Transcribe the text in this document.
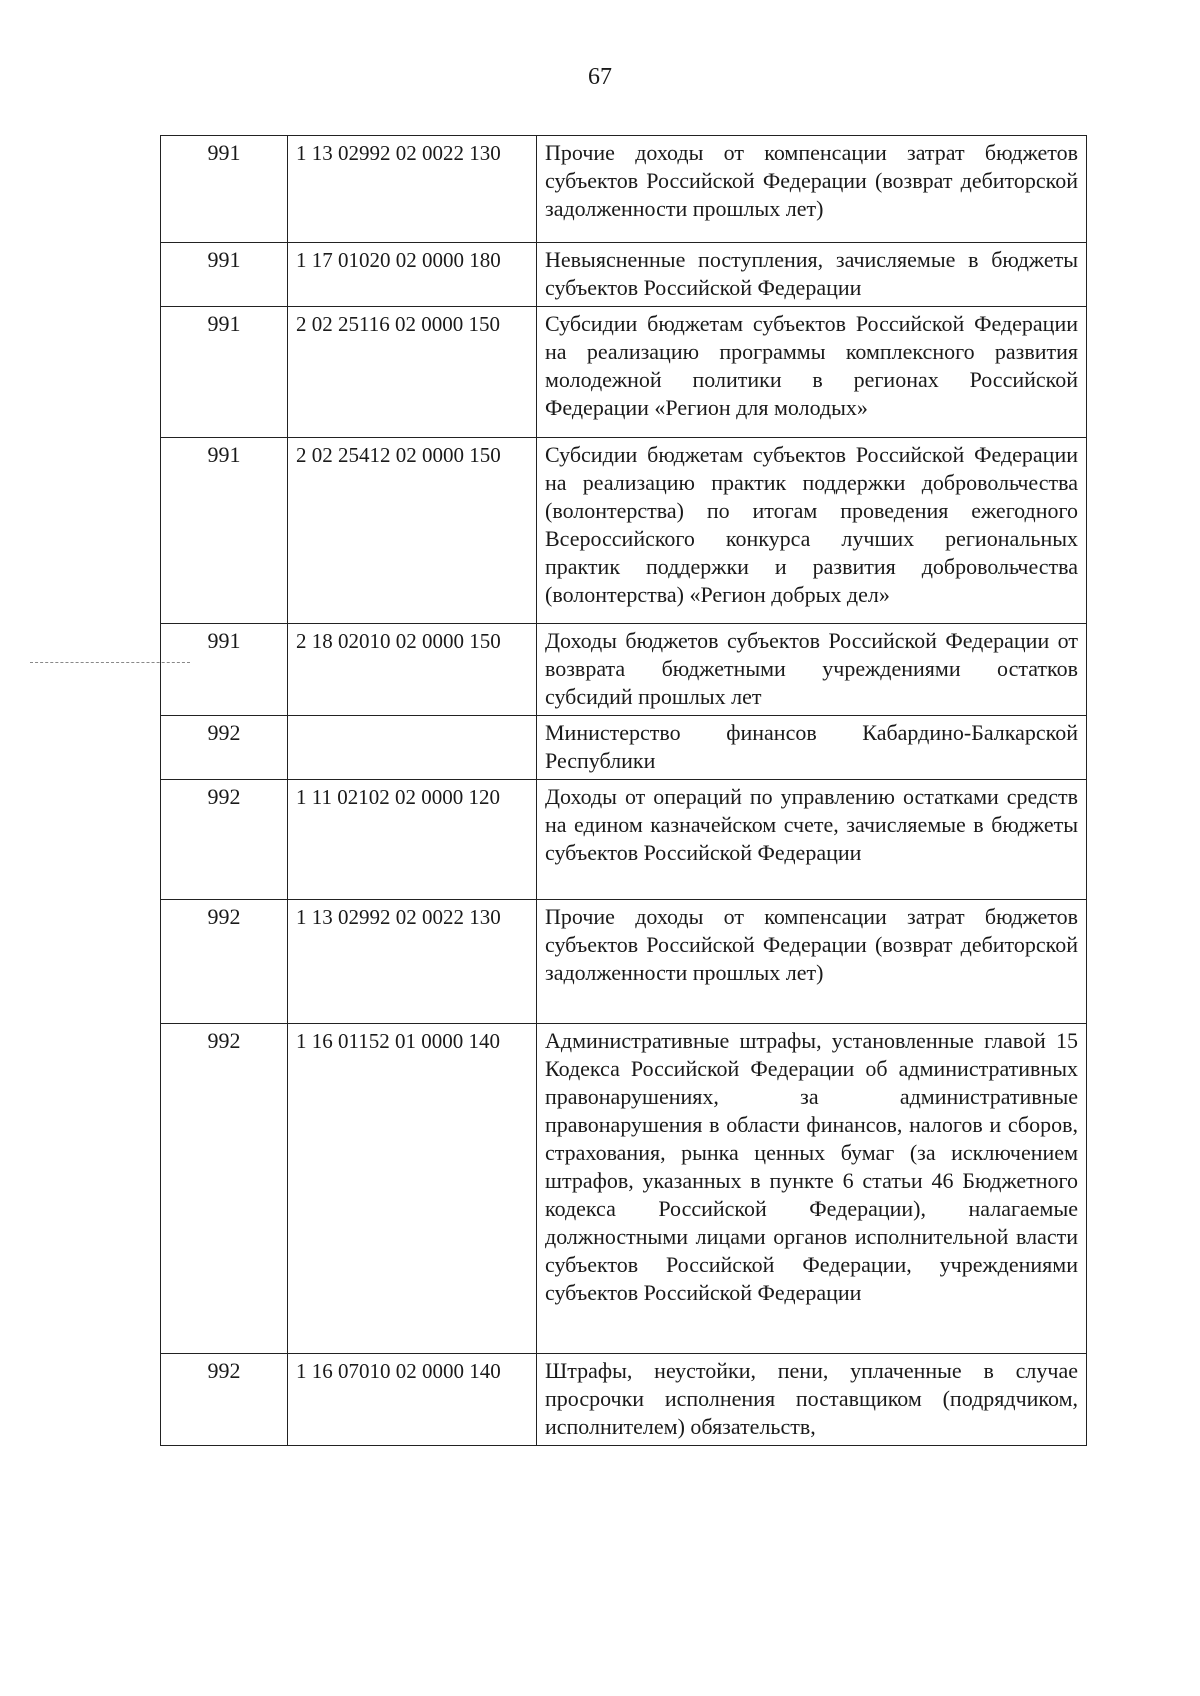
67
991	1 13 02992 02 0022 130	Прочие доходы от компенсации затрат бюджетов субъектов Российской Федерации (возврат дебиторской задолженности прошлых лет)
991	1 17 01020 02 0000 180	Невыясненные поступления, зачисляемые в бюджеты субъектов Российской Федерации
991	2 02 25116 02 0000 150	Субсидии бюджетам субъектов Российской Федерации на реализацию программы комплексного развития молодежной политики в регионах Российской Федерации «Регион для молодых»
991	2 02 25412 02 0000 150	Субсидии бюджетам субъектов Российской Федерации на реализацию практик поддержки добровольчества (волонтерства) по итогам проведения ежегодного Всероссийского конкурса лучших региональных практик поддержки и развития добровольчества (волонтерства) «Регион добрых дел»
991	2 18 02010 02 0000 150	Доходы бюджетов субъектов Российской Федерации от возврата бюджетными учреждениями остатков субсидий прошлых лет
992		Министерство финансов Кабардино-Балкарской Республики
992	1 11 02102 02 0000 120	Доходы от операций по управлению остатками средств на едином казначейском счете, зачисляемые в бюджеты субъектов Российской Федерации
992	1 13 02992 02 0022 130	Прочие доходы от компенсации затрат бюджетов субъектов Российской Федерации (возврат дебиторской задолженности прошлых лет)
992	1 16 01152 01 0000 140	Административные штрафы, установленные главой 15 Кодекса Российской Федерации об административных правонарушениях, за административные правонарушения в области финансов, налогов и сборов, страхования, рынка ценных бумаг (за исключением штрафов, указанных в пункте 6 статьи 46 Бюджетного кодекса Российской Федерации), налагаемые должностными лицами органов исполнительной власти субъектов Российской Федерации, учреждениями субъектов Российской Федерации
992	1 16 07010 02 0000 140	Штрафы, неустойки, пени, уплаченные в случае просрочки исполнения поставщиком (подрядчиком, исполнителем) обязательств,
